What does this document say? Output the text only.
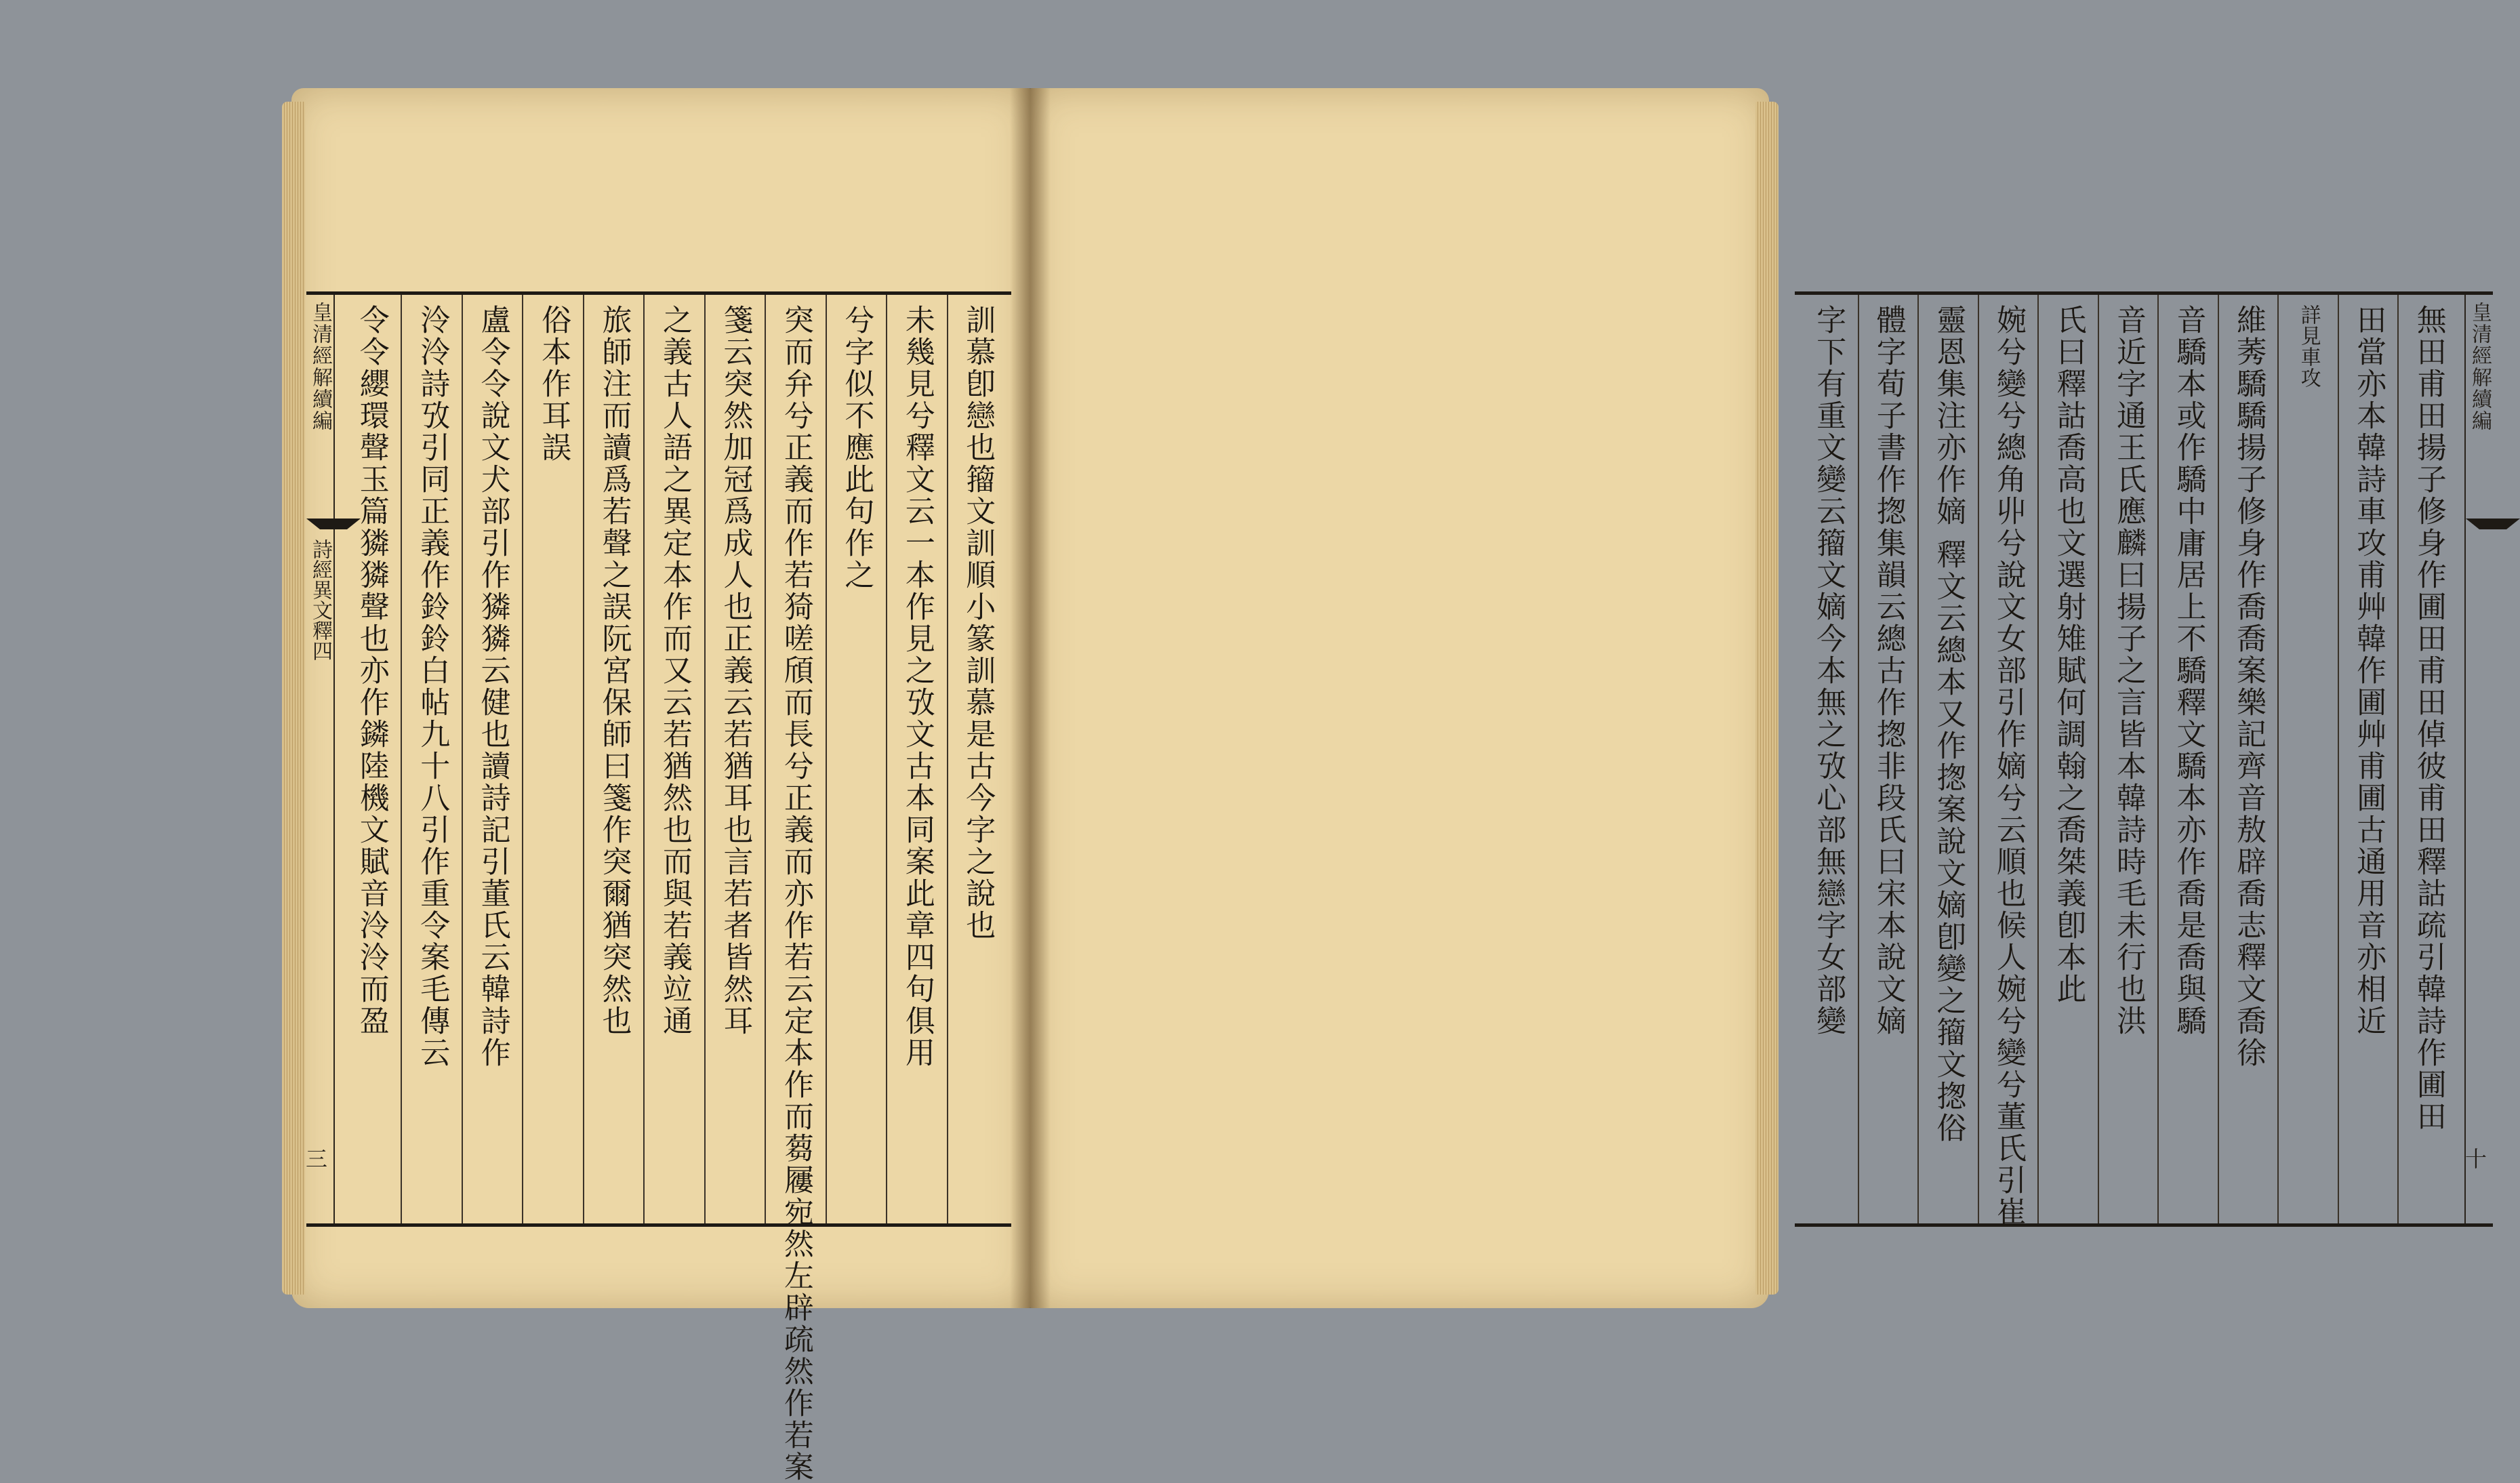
皇清經解續編
詩經異文釋四
三
訓慕卽戀也籀文訓順小篆訓慕是古今字之說也
未幾見兮釋文云一本作見之攷文古本同案此章四句俱用
兮字似不應此句作之
突而弁兮正義而作若猗嗟頎而長兮正義而亦作若云定本作而蒭屨宛然左辟疏然作若案
箋云突然加冠爲成人也正義云若猶耳也言若者皆然耳
之義古人語之異定本作而又云若猶然也而與若義竝通
旅師注而讀爲若聲之誤阮宮保師曰箋作突爾猶突然也
俗本作耳誤
盧令令說文犬部引作獜獜云健也讀詩記引董氏云韓詩作
泠泠詩攷引同正義作鈴鈴白帖九十八引作重令案毛傳云
令令纓環聲玉篇獜獜聲也亦作鏻陸機文賦音泠泠而盈	皇清經解續編
十
無田甫田揚子修身作圃田甫田倬彼甫田釋詁疏引韓詩作圃田
田當亦本韓詩車攻甫艸韓作圃艸甫圃古通用音亦相近
詳見車攻
維莠驕驕揚子修身作喬喬案樂記齊音敖辟喬志釋文喬徐
音驕本或作驕中庸居上不驕釋文驕本亦作喬是喬與驕
音近字通王氏應麟曰揚子之言皆本韓詩時毛未行也洪
氏曰釋詁喬高也文選射雉賦何調翰之喬桀義卽本此
婉兮變兮總角丱兮說文女部引作嫡兮云順也候人婉兮變兮董氏引崔
靈恩集注亦作嫡 釋文云總本又作揔案說文嫡卽變之籀文揔俗
體字荀子書作揔集韻云總古作揔非段氏曰宋本說文嫡
字下有重文變云籀文嫡今本無之攷心部無戀字女部變
